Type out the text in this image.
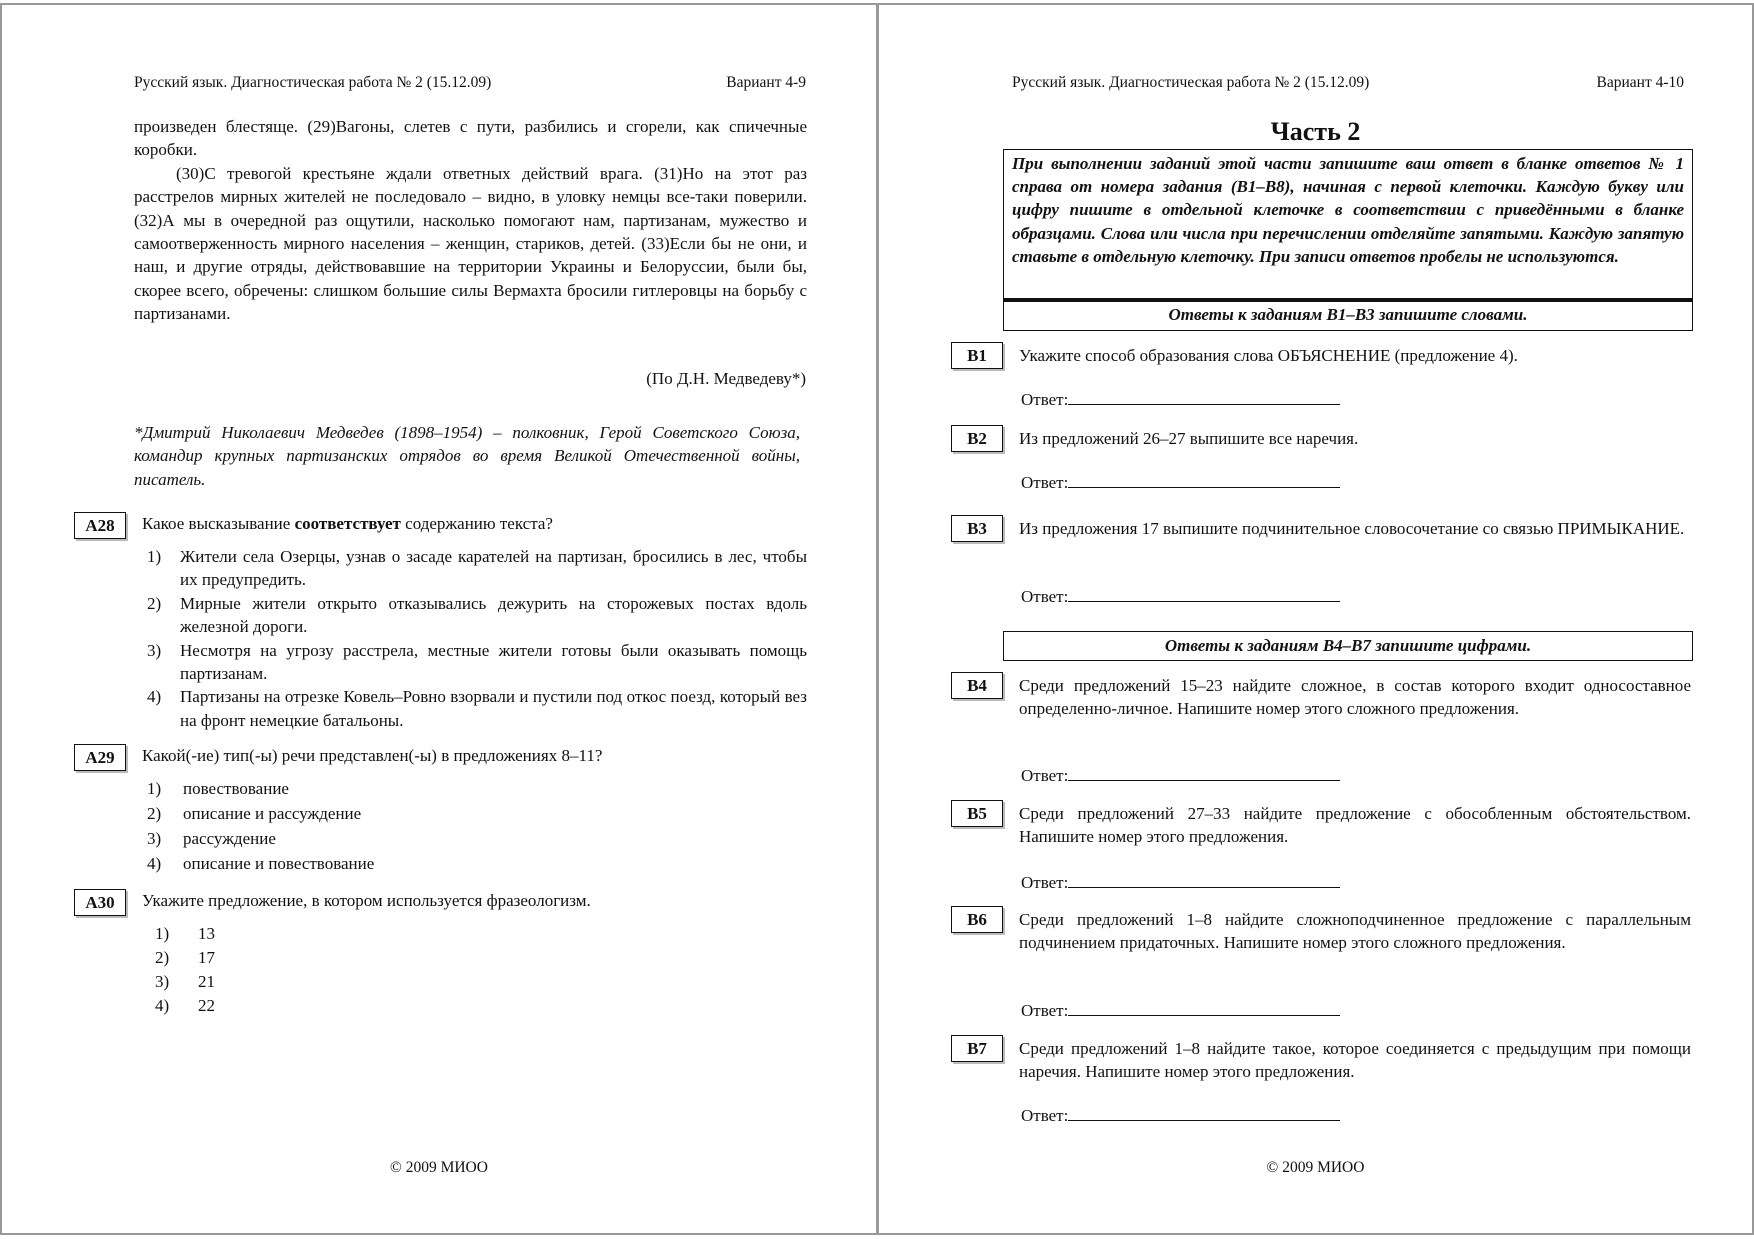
Русский язык. Диагностическая работа № 2 (15.12.09)	Вариант 4-9
произведен блестяще. (29)Вагоны, слетев с пути, разбились и сгорели, как спичечные коробки.
(30)С тревогой крестьяне ждали ответных действий врага. (31)Но на этот раз расстрелов мирных жителей не последовало – видно, в уловку немцы все-таки поверили. (32)А мы в очередной раз ощутили, насколько помогают нам, партизанам, мужество и самоотверженность мирного населения – женщин, стариков, детей. (33)Если бы не они, и наш, и другие отряды, действовавшие на территории Украины и Белоруссии, были бы, скорее всего, обречены: слишком большие силы Вермахта бросили гитлеровцы на борьбу с партизанами.
(По Д.Н. Медведеву*)
*Дмитрий Николаевич Медведев (1898–1954) – полковник, Герой Советского Союза, командир крупных партизанских отрядов во время Великой Отечественной войны, писатель.
A28	Какое высказывание соответствует содержанию текста?
1)	Жители села Озерцы, узнав о засаде карателей на партизан, бросились в лес, чтобы их предупредить.
2)	Мирные жители открыто отказывались дежурить на сторожевых постах вдоль железной дороги.
3)	Несмотря на угрозу расстрела, местные жители готовы были оказывать помощь партизанам.
4)	Партизаны на отрезке Ковель–Ровно взорвали и пустили под откос поезд, который вез на фронт немецкие батальоны.
A29	Какой(-ие) тип(-ы) речи представлен(-ы) в предложениях 8–11?
1) повествование
2) описание и рассуждение
3) рассуждение
4) описание и повествование
A30	Укажите предложение, в котором используется фразеологизм.
1) 13
2) 17
3) 21
4) 22
© 2009 МИОО
Русский язык. Диагностическая работа № 2 (15.12.09)	Вариант 4-10
Часть 2
При выполнении заданий этой части запишите ваш ответ в бланке ответов № 1 справа от номера задания (B1–B8), начиная с первой клеточки. Каждую букву или цифру пишите в отдельной клеточке в соответствии с приведёнными в бланке образцами. Слова или числа при перечислении отделяйте запятыми. Каждую запятую ставьте в отдельную клеточку. При записи ответов пробелы не используются.
Ответы к заданиям B1–B3 запишите словами.
B1	Укажите способ образования слова ОБЪЯСНЕНИЕ (предложение 4).
Ответ:
B2	Из предложений 26–27 выпишите все наречия.
Ответ:
B3	Из предложения 17 выпишите подчинительное словосочетание со связью ПРИМЫКАНИЕ.
Ответ:
Ответы к заданиям B4–B7 запишите цифрами.
B4	Среди предложений 15–23 найдите сложное, в состав которого входит односоставное определенно-личное. Напишите номер этого сложного предложения.
Ответ:
B5	Среди предложений 27–33 найдите предложение с обособленным обстоятельством. Напишите номер этого предложения.
Ответ:
B6	Среди предложений 1–8 найдите сложноподчиненное предложение с параллельным подчинением придаточных. Напишите номер этого сложного предложения.
Ответ:
B7	Среди предложений 1–8 найдите такое, которое соединяется с предыдущим при помощи наречия. Напишите номер этого предложения.
Ответ:
© 2009 МИОО
